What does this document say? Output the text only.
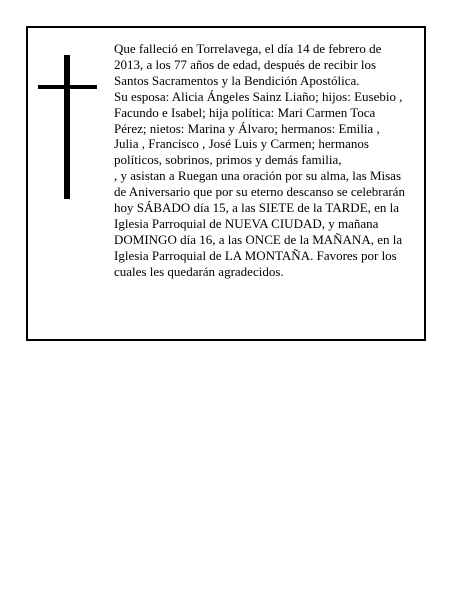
Que falleció en Torrelavega, el día 14 de febrero de
2013, a los 77 años de edad, después de recibir los
Santos Sacramentos y la Bendición Apostólica.
Su esposa: Alicia Ángeles Sainz Liaño; hijos: Eusebio ,
Facundo e Isabel; hija política: Mari Carmen Toca
Pérez; nietos: Marina y Álvaro; hermanos: Emilia ,
Julia , Francisco , José Luis y Carmen; hermanos
políticos, sobrinos, primos y demás familia,
, y asistan a Ruegan una oración por su alma, las Misas
de Aniversario que por su eterno descanso se celebrarán
hoy SÁBADO día 15, a las SIETE de la TARDE, en la
Iglesia Parroquial de NUEVA CIUDAD, y mañana
DOMINGO día 16, a las ONCE de la MAÑANA, en la
Iglesia Parroquial de LA MONTAÑA. Favores por los
cuales les quedarán agradecidos.
